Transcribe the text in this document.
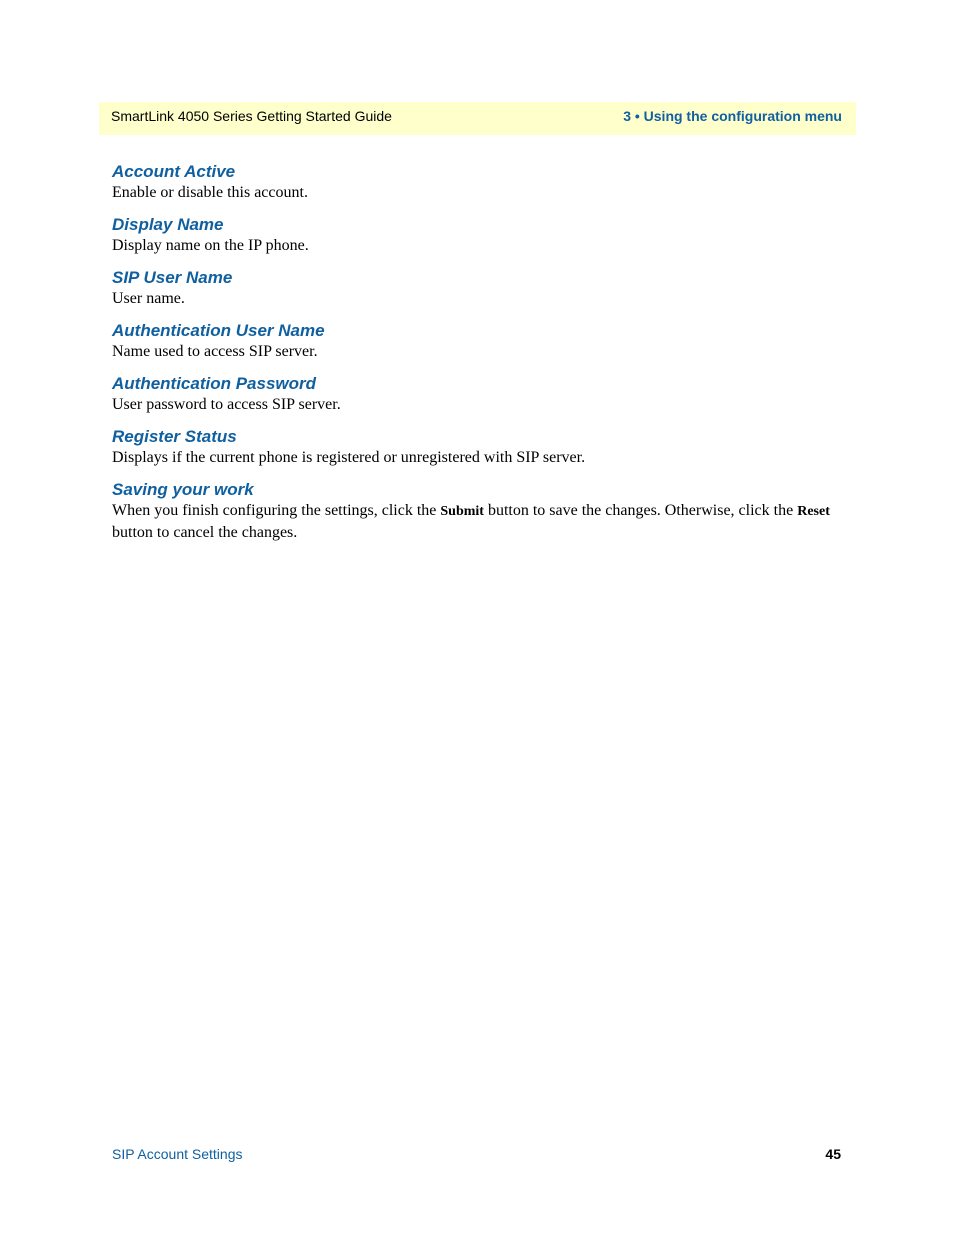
SmartLink 4050 Series Getting Started Guide	3 • Using the configuration menu

Account Active

Enable or disable this account.

Display Name

Display name on the IP phone.

SIP User Name

User name.

Authentication User Name

Name used to access SIP server.

Authentication Password

User password to access SIP server.

Register Status

Displays if the current phone is registered or unregistered with SIP server.

Saving your work

When you finish configuring the settings, click the Submit button to save the changes. Otherwise, click the Reset button to cancel the changes.

SIP Account Settings	45
